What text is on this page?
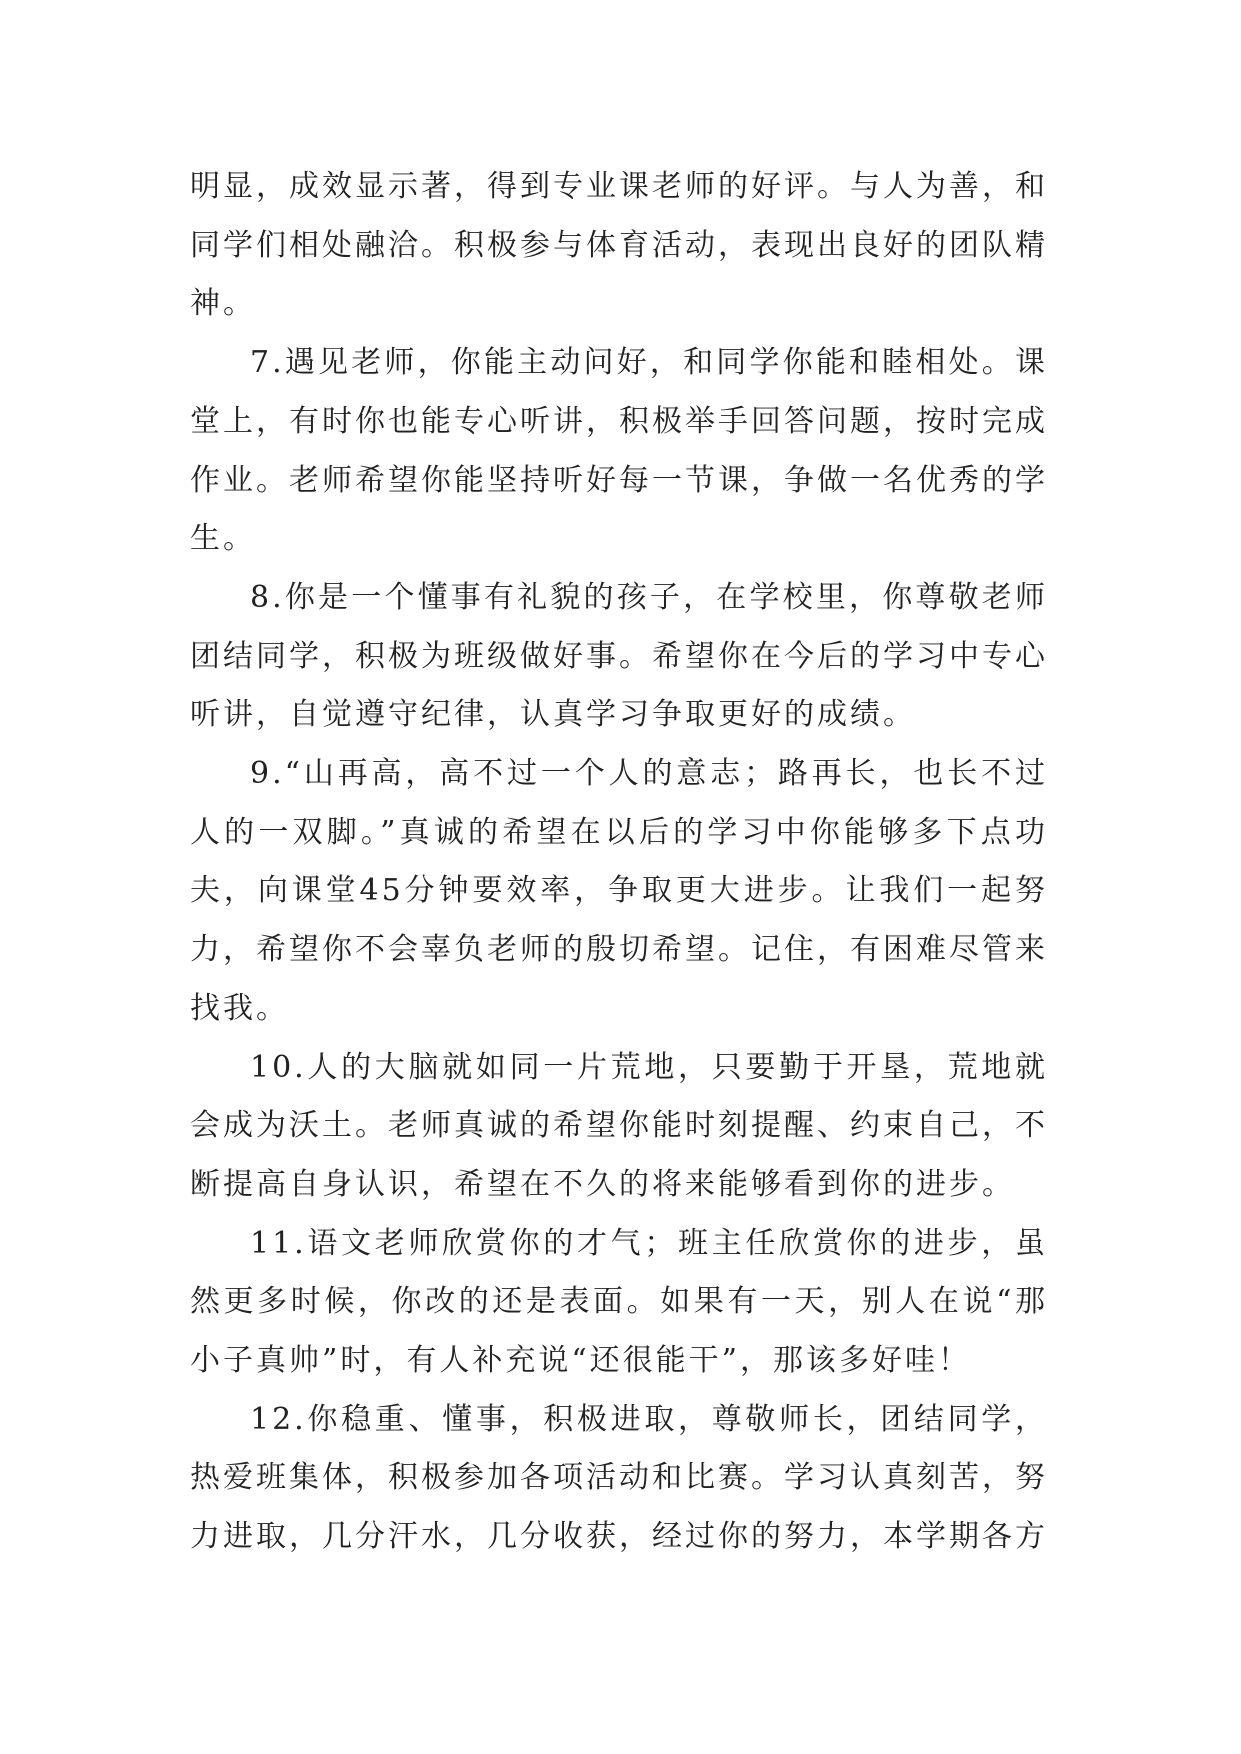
明显，成效显示著，得到专业课老师的好评。与人为善，和同学们相处融洽。积极参与体育活动，表现出良好的团队精神。

7.遇见老师，你能主动问好，和同学你能和睦相处。课堂上，有时你也能专心听讲，积极举手回答问题，按时完成作业。老师希望你能坚持听好每一节课，争做一名优秀的学生。

8.你是一个懂事有礼貌的孩子，在学校里，你尊敬老师团结同学，积极为班级做好事。希望你在今后的学习中专心听讲，自觉遵守纪律，认真学习争取更好的成绩。

9.“山再高，高不过一个人的意志；路再长，也长不过人的一双脚。”真诚的希望在以后的学习中你能够多下点功夫，向课堂45分钟要效率，争取更大进步。让我们一起努力，希望你不会辜负老师的殷切希望。记住，有困难尽管来找我。

10.人的大脑就如同一片荒地，只要勤于开垦，荒地就会成为沃土。老师真诚的希望你能时刻提醒、约束自己，不断提高自身认识，希望在不久的将来能够看到你的进步。

11.语文老师欣赏你的才气；班主任欣赏你的进步，虽然更多时候，你改的还是表面。如果有一天，别人在说“那小子真帅”时，有人补充说“还很能干”，那该多好哇！

12.你稳重、懂事，积极进取，尊敬师长，团结同学，热爱班集体，积极参加各项活动和比赛。学习认真刻苦，努力进取，几分汗水，几分收获，经过你的努力，本学期各方
